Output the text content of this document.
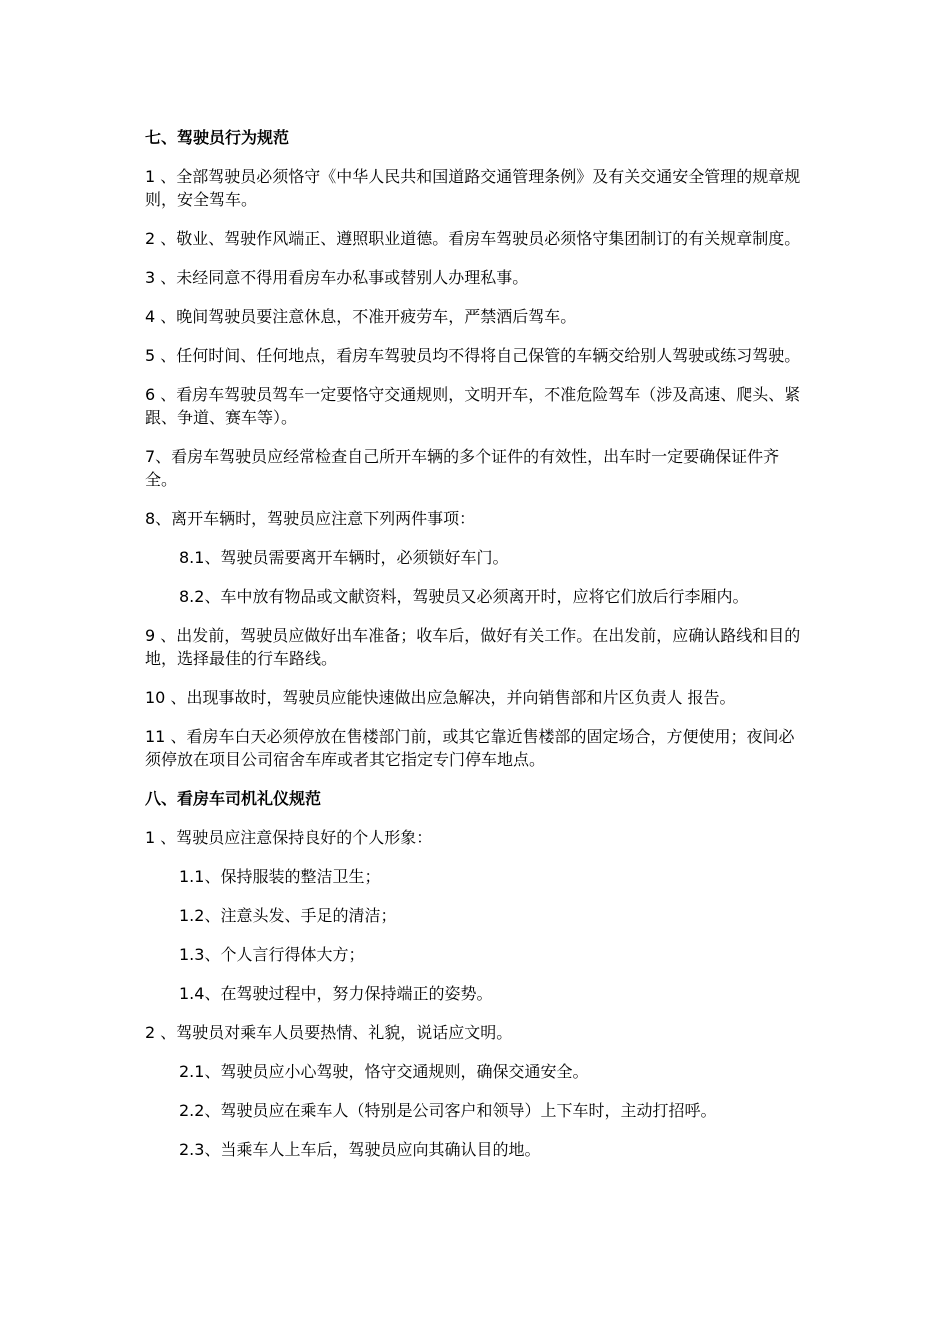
七、驾驶员行为规范
1 、全部驾驶员必须恪守《中华人民共和国道路交通管理条例》及有关交通安全管理的规章规则，安全驾车。
2 、敬业、驾驶作风端正、遵照职业道德。看房车驾驶员必须恪守集团制订的有关规章制度。
3 、未经同意不得用看房车办私事或替别人办理私事。
4 、晚间驾驶员要注意休息，不准开疲劳车，严禁酒后驾车。
5 、任何时间、任何地点，看房车驾驶员均不得将自己保管的车辆交给别人驾驶或练习驾驶。
6 、看房车驾驶员驾车一定要恪守交通规则，文明开车，不准危险驾车（涉及高速、爬头、紧跟、争道、赛车等）。
7、看房车驾驶员应经常检查自己所开车辆的多个证件的有效性，出车时一定要确保证件齐全。
8、离开车辆时，驾驶员应注意下列两件事项：
8.1、驾驶员需要离开车辆时，必须锁好车门。
8.2、车中放有物品或文献资料，驾驶员又必须离开时，应将它们放后行李厢内。
9 、出发前，驾驶员应做好出车准备；收车后，做好有关工作。在出发前，应确认路线和目的地，选择最佳的行车路线。
10 、出现事故时，驾驶员应能快速做出应急解决，并向销售部和片区负责人 报告。
11 、看房车白天必须停放在售楼部门前，或其它靠近售楼部的固定场合，方便使用；夜间必须停放在项目公司宿舍车库或者其它指定专门停车地点。
八、看房车司机礼仪规范
1 、驾驶员应注意保持良好的个人形象：
1.1、保持服装的整洁卫生；
1.2、注意头发、手足的清洁；
1.3、个人言行得体大方；
1.4、在驾驶过程中，努力保持端正的姿势。
2 、驾驶员对乘车人员要热情、礼貌，说话应文明。
2.1、驾驶员应小心驾驶，恪守交通规则，确保交通安全。
2.2、驾驶员应在乘车人（特别是公司客户和领导）上下车时，主动打招呼。
2.3、当乘车人上车后，驾驶员应向其确认目的地。
